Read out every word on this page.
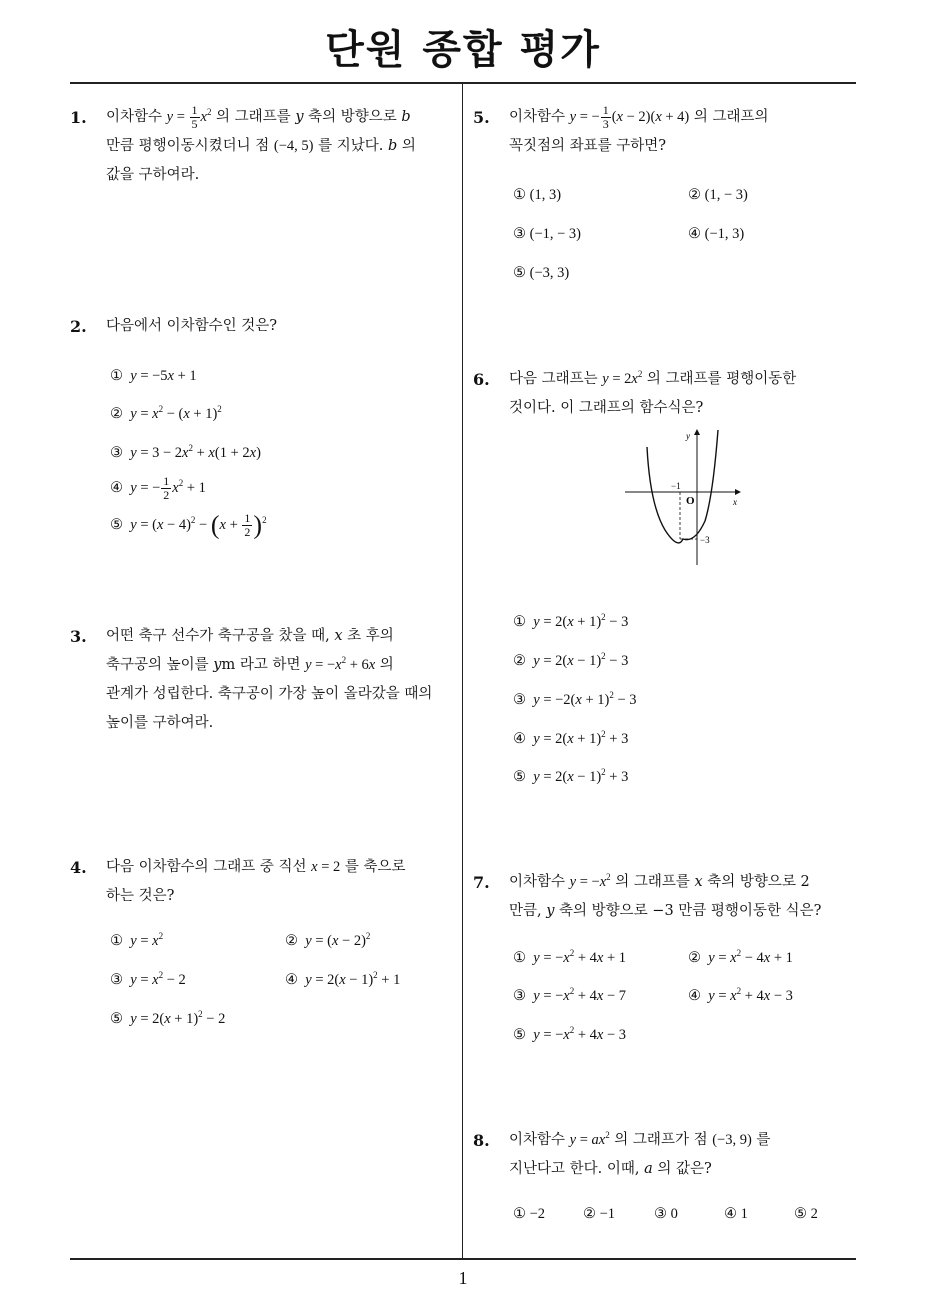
단원 종합 평가
1
1. 이차함수 $y = \frac{1}{5} x^2$ 의 그래프를 y 축의 방향으로 b
만큼 평행이동시켰더니 점 (−4, 5) 를 지났다. b 의
값을 구하여라.
2. 다음에서 이차함수인 것은?
①  y = −5x + 1
②  $y = x^2 - (x + 1)^2$
③  $y = 3 - 2x^2 + x(1 + 2x)$
④  y = − $\frac{1}{2} x^2 + 1$
⑤  $y = (x - 4)^2 - (x + \frac{1}{2} )^2$
3. 어떤 축구 선수가 축구공을 찼을 때, x 초 후의
축구공의 높이를 ym 라고 하면 $y = -x^2 + 6x$ 의
관계가 성립한다. 축구공이 가장 높이 올라갔을 때의
높이를 구하여라.
4. 다음 이차함수의 그래프 중 직선 x = 2 를 축으로
하는 것은?
①  $y = x^2$	②  $y = (x - 2)^2$
③  $y = x^2 - 2$	④  $y = 2(x - 1)^2 + 1$
⑤  $y = 2(x + 1)^2 - 2$
5. 이차함수 y = − $\frac{1}{3} (x - 2)(x + 4)$ 의 그래프의
꼭짓점의 좌표를 구하면?
① (1, 3)	② (1, − 3)
③ (−1, − 3)	④ (−1, 3)
⑤ (−3, 3)
6. 다음 그래프는 $y = 2x^2$ 의 그래프를 평행이동한
것이다. 이 그래프의 함수식은?
y
x
O
−1
−3
①  $y = 2(x + 1)^2 - 3$
②  $y = 2(x - 1)^2 - 3$
③  $y = -2(x + 1)^2 - 3$
④  $y = 2(x + 1)^2 + 3$
⑤  $y = 2(x - 1)^2 + 3$
7. 이차함수 $y = -x^2$ 의 그래프를 x 축의 방향으로 2
만큼, y 축의 방향으로 −3 만큼 평행이동한 식은?
①  $y = -x^2 + 4x + 1$	②  $y = x^2 - 4x + 1$
③  $y = -x^2 + 4x - 7$	④  $y = x^2 + 4x - 3$
⑤  $y = -x^2 + 4x - 3$
8. 이차함수 $y = ax^2$ 의 그래프가 점 (−3, 9) 를
지난다고 한다. 이때, a 의 값은?
① −2	② −1	③ 0	④ 1	⑤ 2
